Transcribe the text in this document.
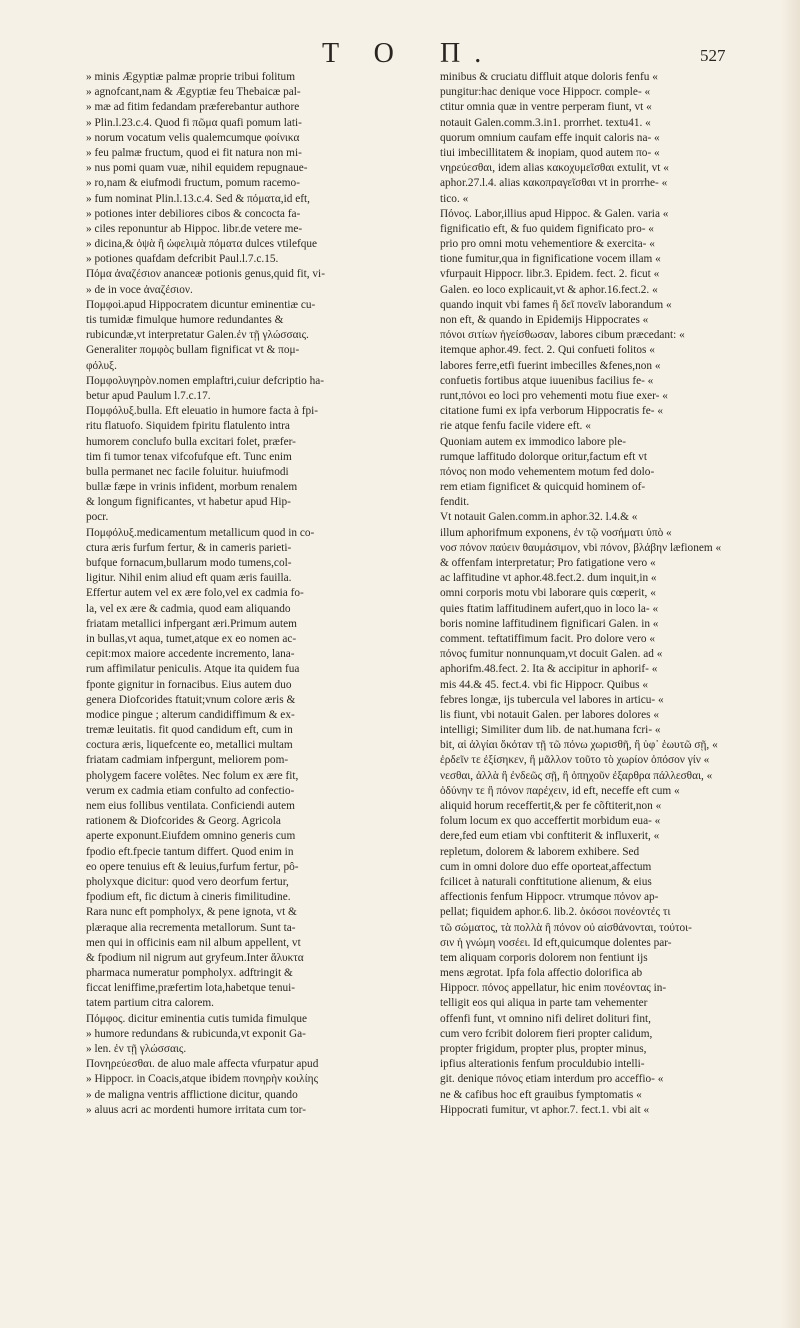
T O Π.	527
» minis Ægyptiæ palmæ proprie tribui folitum
» agnofcant,nam & Ægyptiæ feu Thebaicæ pal-
» mæ ad fitim fedandam præferebantur authore
» Plin.l.23.c.4. Quod fi πῶμα quafi pomum lati-
» norum vocatum velis qualemcumque φοίνικα
» feu palmæ fructum, quod ei fit natura non mi-
» nus pomi quam vuæ, nihil equidem repugnaue-
» ro,nam & eiufmodi fructum, pomum racemo-
» fum nominat Plin.l.13.c.4. Sed & πόματα,id eft,
» potiones inter debiliores cibos & concocta fa-
» ciles reponuntur ab Hippoc. libr.de vetere me-
» dicina,& ὁψὰ ἢ ὠφελιμὰ πόματα dulces vtilefque
» potiones quafdam defcribit Paul.l.7.c.15.
Πόμα ἀναζέσιον ananceæ potionis genus,quid fit, vi-
» de in voce ἀναζέσιον.
Πομφοὶ.apud Hippocratem dicuntur eminentiæ cu-
tis tumidæ fimulque humore redundantes &
rubicundæ,vt interpretatur Galen.ἐν τῇ γλώσσαις.
Generaliter πομφὸς bullam fignificat vt & πομ-
φόλυξ.
Πομφολυγηρὸν.nomen emplaftri,cuiur defcriptio ha-
betur apud Paulum l.7.c.17.
Πομφόλυξ.bulla. Eft eleuatio in humore facta à fpi-
ritu flatuofo. Siquidem fpiritu flatulento intra
humorem conclufo bulla excitari folet, præfer-
tim fi tumor tenax vifcofufque eft. Tunc enim
bulla permanet nec facile foluitur. huiufmodi
bullæ fæpe in vrinis infident, morbum renalem
& longum fignificantes, vt habetur apud Hip-
pocr.
Πομφόλυξ.medicamentum metallicum quod in co-
ctura æris furfum fertur, & in cameris parieti-
bufque fornacum,bullarum modo tumens,col-
ligitur. Nihil enim aliud eft quam æris fauilla.
Effertur autem vel ex ære folo,vel ex cadmia fo-
la, vel ex ære & cadmia, quod eam aliquando
friatam metallici infpergant æri.Primum autem
in bullas,vt aqua, tumet,atque ex eo nomen ac-
cepit:mox maiore accedente incremento, lana-
rum affimilatur peniculis. Atque ita quidem fua
fponte gignitur in fornacibus. Eius autem duo
genera Diofcorides ftatuit;vnum colore æris &
modice pingue ; alterum candidiffimum & ex-
tremæ leuitatis. fit quod candidum eft, cum in
coctura æris, liquefcente eo, metallici multam
friatam cadmiam infpergunt, meliorem pom-
pholygem facere volêtes. Nec folum ex ære fit,
verum ex cadmia etiam confulto ad confectio-
nem eius follibus ventilata. Conficiendi autem
rationem & Diofcorides & Georg. Agricola
aperte exponunt.Eiufdem omnino generis cum
fpodio eft.fpecie tantum differt. Quod enim in
eo opere tenuius eft & leuius,furfum fertur, pô-
pholyxque dicitur: quod vero deorfum fertur,
fpodium eft, fic dictum à cineris fimilitudine.
Rara nunc eft pompholyx, & pene ignota, vt &
plæraque alia recrementa metallorum. Sunt ta-
men qui in officinis eam nil album appellent, vt
& fpodium nil nigrum aut gryfeum.Inter ἄλυκτα
pharmaca numeratur pompholyx. adftringit &
ficcat leniffime,præfertim lota,habetque tenui-
tatem partium citra calorem.
Πόμφος. dicitur eminentia cutis tumida fimulque
» humore redundans & rubicunda,vt exponit Ga-
» len. ἐν τῇ γλώσσαις.
Πονηρεύεσθαι. de aluo male affecta vfurpatur apud
» Hippocr. in Coacis,atque ibidem πονηρὴν κοιλίης
» de maligna ventris afflictione dicitur, quando
» aluus acri ac mordenti humore irritata cum tor-
minibus & cruciatu diffluit atque doloris fenfu «
pungitur:hac denique voce Hippocr. comple- «
ctitur omnia quæ in ventre perperam fiunt, vt «
notauit Galen.comm.3.in1. prorrhet. textu41. «
quorum omnium caufam effe inquit caloris na- «
tiui imbecillitatem & inopiam, quod autem πο- «
νηρεύεσθαι, idem alias κακοχυμεῖσθαι extulit, vt «
aphor.27.l.4. alias κακοπραγεῖσθαι vt in prorrhe- «
tico. «
Πόνος. Labor,illius apud Hippoc. & Galen. varia «
fignificatio eft, & fuo quidem fignificato pro- «
prio pro omni motu vehementiore & exercita- «
tione fumitur,qua in fignificatione vocem illam «
vfurpauit Hippocr. libr.3. Epidem. fect. 2. ficut «
Galen. eo loco explicauit,vt & aphor.16.fect.2. «
quando inquit vbi fames ἢ δεῖ πονεῖν laborandum «
non eft, & quando in Epidemijs Hippocrates «
πόνοι σιτίων ἡγείσθωσαν, labores cibum præcedant: «
itemque aphor.49. fect. 2. Qui confueti folitos «
labores ferre,etfi fuerint imbecilles &fenes,non «
confuetis fortibus atque iuuenibus facilius fe- «
runt,πόνοι eo loci pro vehementi motu fiue exer- «
citatione fumi ex ipfa verborum Hippocratis fe- «
rie atque fenfu facile videre eft. «
Quoniam autem ex immodico labore ple-
rumque laffitudo dolorque oritur,factum eft vt
πόνος non modo vehementem motum fed dolo-
rem etiam fignificet & quicquid hominem of-
fendit.
Vt notauit Galen.comm.in aphor.32. l.4.& «
illum aphorifmum exponens, ἐν τῷ νοσήματι ὑπὸ «
νοσ πόνον παύειν θαυμάσιμον, vbi πόνον, βλάβην læfionem «
& offenfam interpretatur; Pro fatigatione vero «
ac laffitudine vt aphor.48.fect.2. dum inquit,in «
omni corporis motu vbi laborare quis cœperit, «
quies ftatim laffitudinem aufert,quo in loco la- «
boris nomine laffitudinem fignificari Galen. in «
comment. teftatiffimum facit. Pro dolore vero «
πόνος fumitur nonnunquam,vt docuit Galen. ad «
aphorifm.48.fect. 2. Ita & accipitur in aphorif- «
mis 44.& 45. fect.4. vbi fic Hippocr. Quibus «
febres longæ, ijs tubercula vel labores in articu- «
lis fiunt, vbi notauit Galen. per labores dolores «
intelligi; Similiter dum lib. de nat.humana fcri- «
bit, αἱ ἀλγίαι ὅκόταν τῇ τῶ πόνω χωρισθῆ, ἢ ὑφ᾽ ἑωυτῶ σῇ, «
ἐρδεῖν τε ἐξίσηκεν, ἢ μᾶλλον τοῦτο τὸ χωρίον ὀπόσον γίν «
νεσθαι, ἀλλὰ ἢ ἐνδεῶς σῇ, ἢ ὀπηχοῦν ἐξαρθρα πάλλεσθαι, «
ὀδύνην τε ἢ πόνον παρέχειν, id eft, neceffe eft cum «
aliquid horum receffertit,& per fe cõftiterit,non «
folum locum ex quo acceffertit morbidum eua- «
dere,fed eum etiam vbi conftiterit & influxerit, «
repletum, dolorem & laborem exhibere. Sed
cum in omni dolore duo effe oporteat,affectum
fcilicet à naturali conftitutione alienum, & eius
affectionis fenfum Hippocr. vtrumque πόνον ap-
pellat; fiquidem aphor.6. lib.2. ὁκόσοι πονέοντές τι
τῶ σώματος, τὰ πολλὰ ἢ πόνον οὐ αἰσθάνονται, τούτοι-
σιν ἡ γνώμη νοσέει. Id eft,quicumque dolentes par-
tem aliquam corporis dolorem non fentiunt ijs
mens ægrotat. Ipfa fola affectio dolorifica ab
Hippocr. πόνος appellatur, hic enim πονέοντας in-
telligit eos qui aliqua in parte tam vehementer
offenfi funt, vt omnino nifi deliret dolituri fint,
cum vero fcribit dolorem fieri propter calidum,
propter frigidum, propter plus, propter minus,
ipfius alterationis fenfum proculdubio intelli-
git. denique πόνος etiam interdum pro acceffio- «
ne & cafibus hoc eft grauibus fymptomatis «
Hippocrati fumitur, vt aphor.7. fect.1. vbi ait «
